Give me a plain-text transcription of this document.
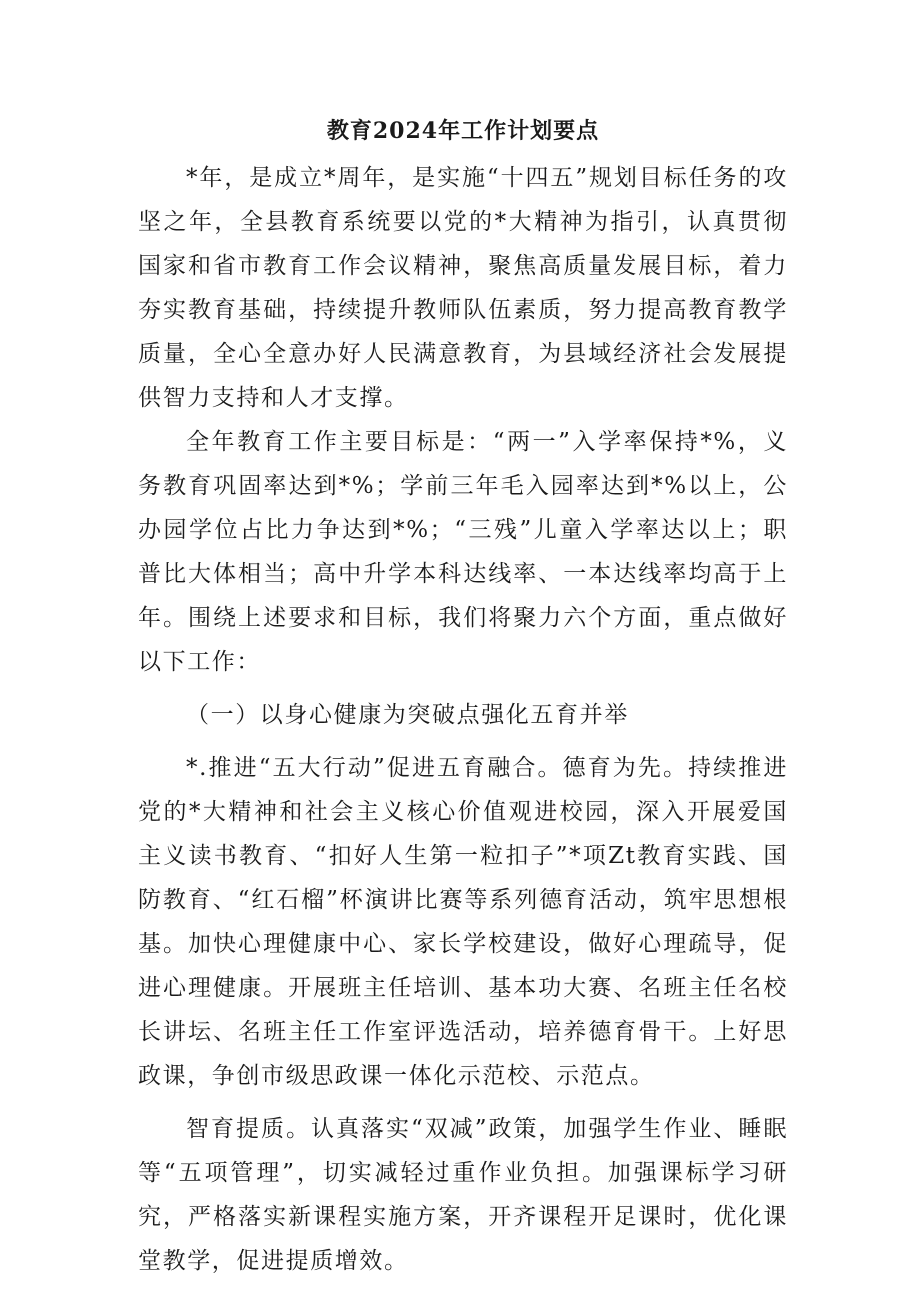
教育2024年工作计划要点

*年，是成立*周年，是实施“十四五”规划目标任务的攻坚之年，全县教育系统要以党的*大精神为指引，认真贯彻国家和省市教育工作会议精神，聚焦高质量发展目标，着力夯实教育基础，持续提升教师队伍素质，努力提高教育教学质量，全心全意办好人民满意教育，为县域经济社会发展提供智力支持和人才支撑。

全年教育工作主要目标是：“两一”入学率保持*%，义务教育巩固率达到*%；学前三年毛入园率达到*%以上，公办园学位占比力争达到*%；“三残”儿童入学率达以上；职普比大体相当；高中升学本科达线率、一本达线率均高于上年。围绕上述要求和目标，我们将聚力六个方面，重点做好以下工作：

（一）以身心健康为突破点强化五育并举

*.推进“五大行动”促进五育融合。德育为先。持续推进党的*大精神和社会主义核心价值观进校园，深入开展爱国主义读书教育、“扣好人生第一粒扣子”*项Zt教育实践、国防教育、“红石榴”杯演讲比赛等系列德育活动，筑牢思想根基。加快心理健康中心、家长学校建设，做好心理疏导，促进心理健康。开展班主任培训、基本功大赛、名班主任名校长讲坛、名班主任工作室评选活动，培养德育骨干。上好思政课，争创市级思政课一体化示范校、示范点。

智育提质。认真落实“双减”政策，加强学生作业、睡眠等“五项管理”，切实减轻过重作业负担。加强课标学习研究，严格落实新课程实施方案，开齐课程开足课时，优化课堂教学，促进提质增效。
